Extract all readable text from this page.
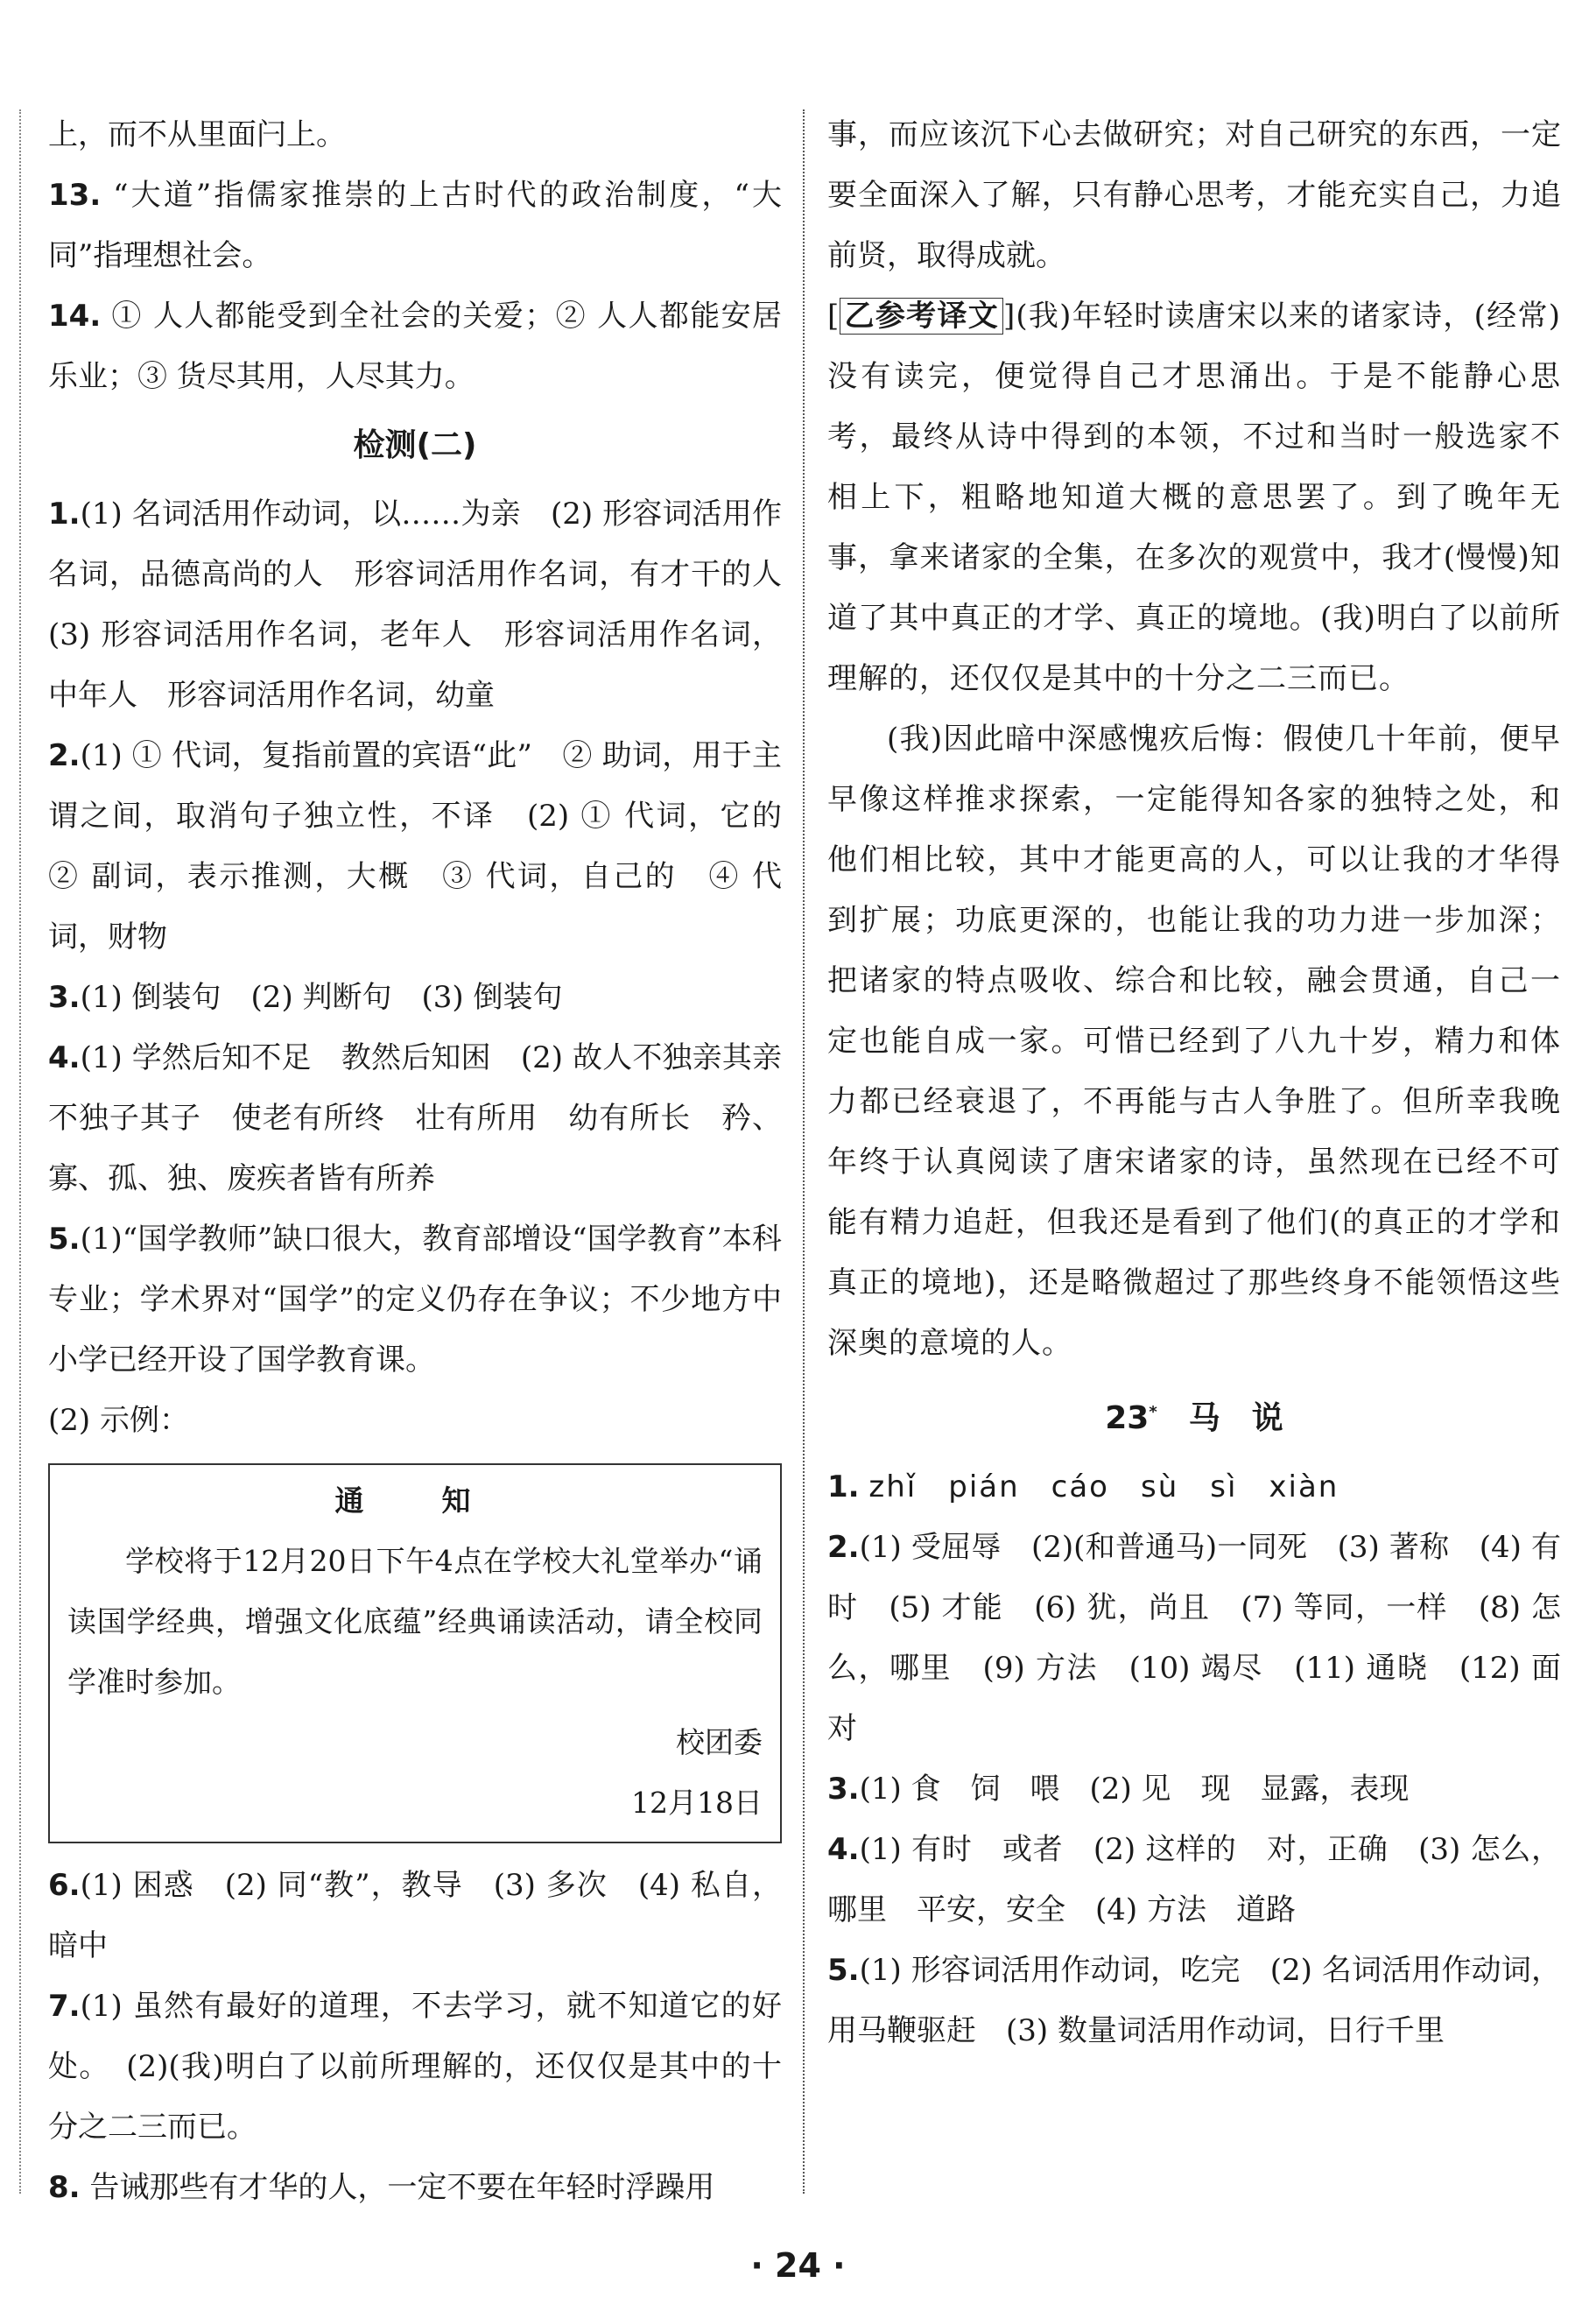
上，而不从里面闩上。
13. “大道”指儒家推崇的上古时代的政治制度，“大同”指理想社会。
14. ① 人人都能受到全社会的关爱；② 人人都能安居乐业；③ 货尽其用，人尽其力。
检测(二)
1.(1) 名词活用作动词，以……为亲　(2) 形容词活用作名词，品德高尚的人　形容词活用作名词，有才干的人　(3) 形容词活用作名词，老年人　形容词活用作名词，中年人　形容词活用作名词，幼童
2.(1) ① 代词，复指前置的宾语“此”　② 助词，用于主谓之间，取消句子独立性，不译　(2) ① 代词，它的　② 副词，表示推测，大概　③ 代词，自己的　④ 代词，财物
3.(1) 倒装句　(2) 判断句　(3) 倒装句
4.(1) 学然后知不足　教然后知困　(2) 故人不独亲其亲　不独子其子　使老有所终　壮有所用　幼有所长　矜、寡、孤、独、废疾者皆有所养
5.(1)“国学教师”缺口很大，教育部增设“国学教育”本科专业；学术界对“国学”的定义仍存在争议；不少地方中小学已经开设了国学教育课。
(2) 示例：
通　知
学校将于12月20日下午4点在学校大礼堂举办“诵读国学经典，增强文化底蕴”经典诵读活动，请全校同学准时参加。
校团委
12月18日
6.(1) 困惑　(2) 同“教”，教导　(3) 多次　(4) 私自，暗中
7.(1) 虽然有最好的道理，不去学习，就不知道它的好处。　(2)(我)明白了以前所理解的，还仅仅是其中的十分之二三而已。
8. 告诫那些有才华的人，一定不要在年轻时浮躁用
事，而应该沉下心去做研究；对自己研究的东西，一定要全面深入了解，只有静心思考，才能充实自己，力追前贤，取得成就。
[ 乙参考译文 ](我)年轻时读唐宋以来的诸家诗，(经常)没有读完，便觉得自己才思涌出。于是不能静心思考，最终从诗中得到的本领，不过和当时一般选家不相上下，粗略地知道大概的意思罢了。到了晚年无事，拿来诸家的全集，在多次的观赏中，我才(慢慢)知道了其中真正的才学、真正的境地。(我)明白了以前所理解的，还仅仅是其中的十分之二三而已。
(我)因此暗中深感愧疚后悔：假使几十年前，便早早像这样推求探索，一定能得知各家的独特之处，和他们相比较，其中才能更高的人，可以让我的才华得到扩展；功底更深的，也能让我的功力进一步加深；把诸家的特点吸收、综合和比较，融会贯通，自己一定也能自成一家。可惜已经到了八九十岁，精力和体力都已经衰退了，不再能与古人争胜了。但所幸我晚年终于认真阅读了唐宋诸家的诗，虽然现在已经不可能有精力追赶，但我还是看到了他们(的真正的才学和真正的境地)，还是略微超过了那些终身不能领悟这些深奥的意境的人。
23*　 马　说
1. zhǐ　pián　cáo　sù　sì　xiàn
2.(1) 受屈辱　(2)(和普通马)一同死　(3) 著称　(4) 有时　(5) 才能　(6) 犹，尚且　(7) 等同，一样　(8) 怎么，哪里　(9) 方法　(10) 竭尽　(11) 通晓　(12) 面对
3.(1) 食　饲　喂　(2) 见　现　显露，表现
4.(1) 有时　或者　(2) 这样的　对，正确　(3) 怎么，哪里　平安，安全　(4) 方法　道路
5.(1) 形容词活用作动词，吃完　(2) 名词活用作动词，用马鞭驱赶　(3) 数量词活用作动词，日行千里
· 24 ·
